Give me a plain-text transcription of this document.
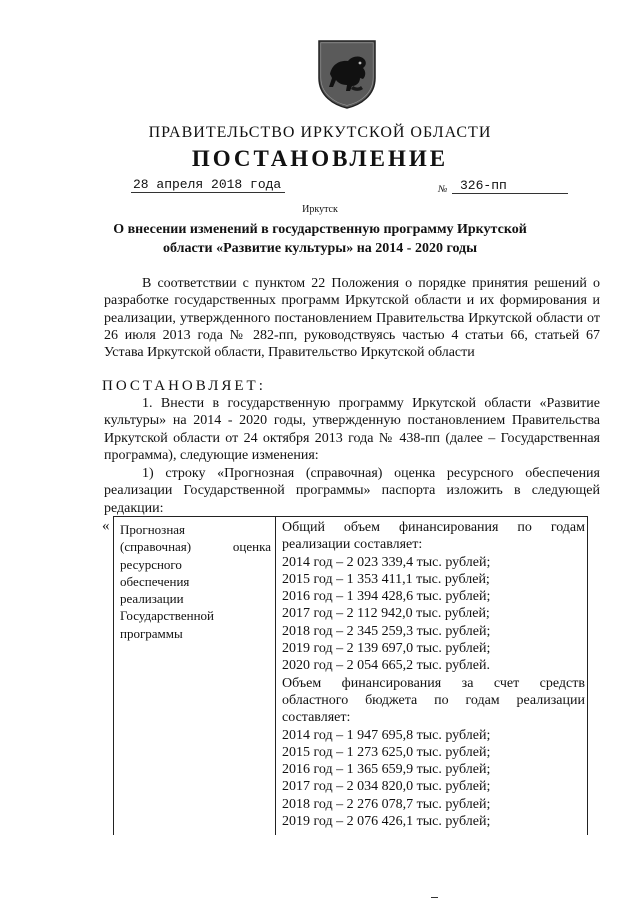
ПРАВИТЕЛЬСТВО ИРКУТСКОЙ ОБЛАСТИ
ПОСТАНОВЛЕНИЕ
28 апреля 2018 года	№ 326-пп
Иркутск
О внесении изменений в государственную программу Иркутской
области «Развитие культуры» на 2014 - 2020 годы
В соответствии с пунктом 22 Положения о порядке принятия решений о разработке государственных программ Иркутской области и их формирования и реализации, утвержденного постановлением Правительства Иркутской области от 26 июля 2013 года № 282-пп, руководствуясь частью 4 статьи 66, статьей 67 Устава Иркутской области, Правительство Иркутской области
ПОСТАНОВЛЯЕТ:
1. Внести в государственную программу Иркутской области «Развитие культуры» на 2014 - 2020 годы, утвержденную постановлением Правительства Иркутской области от 24 октября 2013 года № 438-пп (далее – Государственная программа), следующие изменения:
1) строку «Прогнозная (справочная) оценка ресурсного обеспечения реализации Государственной программы» паспорта изложить в следующей редакции:
« Прогнозная
(справочная)	оценка
ресурсного
обеспечения
реализации
Государственной
программы
Общий объем финансирования по годам
реализации составляет:
2014 год – 2 023 339,4 тыс. рублей;
2015 год – 1 353 411,1 тыс. рублей;
2016 год – 1 394 428,6 тыс. рублей;
2017 год – 2 112 942,0 тыс. рублей;
2018 год – 2 345 259,3 тыс. рублей;
2019 год – 2 139 697,0 тыс. рублей;
2020 год – 2 054 665,2 тыс. рублей.
Объем финансирования за счет средств
областного бюджета по годам реализации
составляет:
2014 год – 1 947 695,8 тыс. рублей;
2015 год – 1 273 625,0 тыс. рублей;
2016 год – 1 365 659,9 тыс. рублей;
2017 год – 2 034 820,0 тыс. рублей;
2018 год – 2 276 078,7 тыс. рублей;
2019 год – 2 076 426,1 тыс. рублей;
